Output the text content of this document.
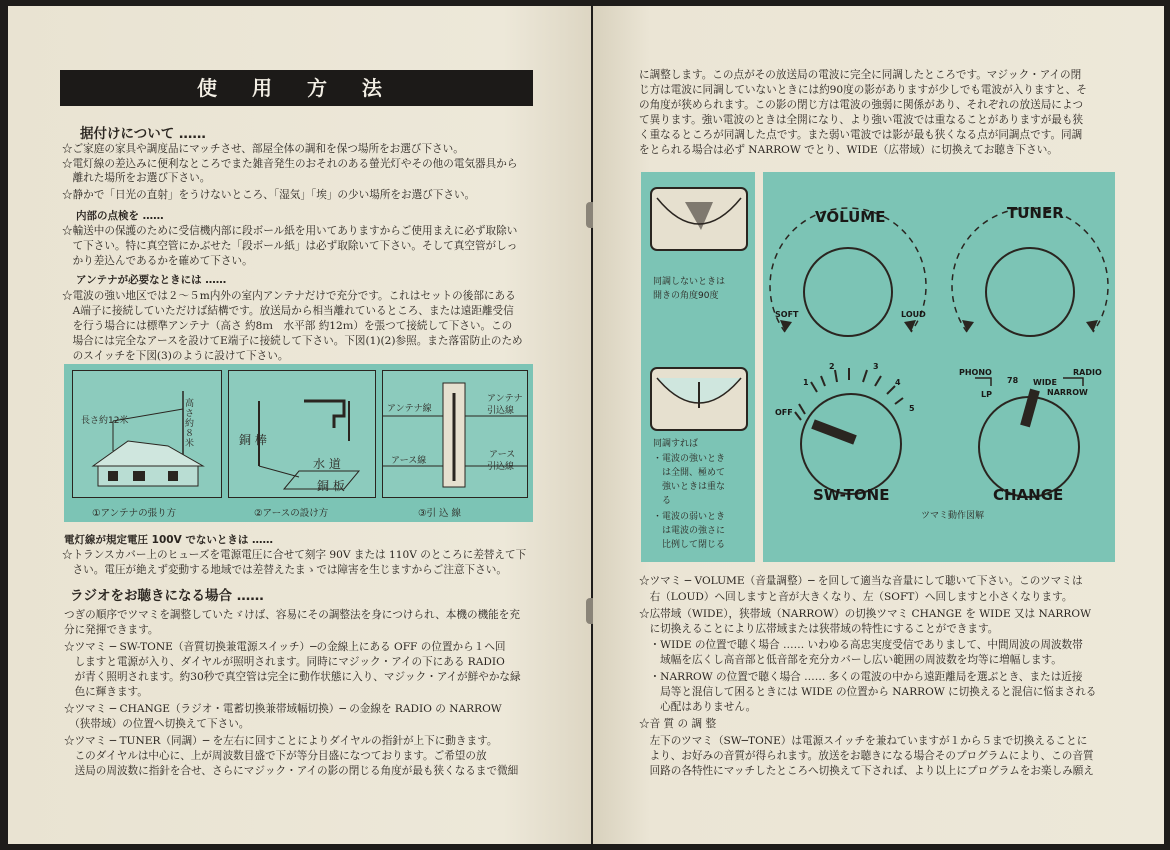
使 用 方 法
据付けについて ……
☆ご家庭の家具や調度品にマッチさせ、部屋全体の調和を保つ場所をお選び下さい。
☆電灯線の差込みに便利なところでまた雑音発生のおそれのある螢光灯やその他の電気器具から
　離れた場所をお選び下さい。
☆静かで「日光の直射」をうけないところ、「湿気」「埃」の少い場所をお選び下さい。
内部の点検を ……
☆輸送中の保護のために受信機内部に段ボール紙を用いてありますからご使用まえに必ず取除い
　て下さい。特に真空管にかぶせた「段ボール紙」は必ず取除いて下さい。そして真空管がしっ
　かり差込んであるかを確めて下さい。
アンテナが必要なときには ……
☆電波の強い地区では２〜５m内外の室内アンテナだけで充分です。これはセットの後部にある
　A端子に接続していただけば結構です。放送局から相当離れているところ、または遠距離受信
　を行う場合には標準アンテナ（高さ 約8ｍ　水平部 約12ｍ）を張つて接続して下さい。この
　場合には完全なアースを設けてE端子に接続して下さい。下図(1)(2)参照。また落雷防止のため
　のスイッチを下図(3)のように設けて下さい。
長さ約12米
高さ約８米
①アンテナの張り方
銅 棒
水 道
銅 板
②アースの設け方
アンテナ線
アンテナ
引込線
アース線
アース
引込線
③引 込 線
電灯線が規定電圧 100V でないときは ……
☆トランスカバー上のヒューズを電源電圧に合せて刻字 90V または 110V のところに差替えて下
　さい。電圧が絶えず変動する地域では差替えたまゝでは障害を生じますからご注意下さい。
ラジオをお聴きになる場合 ……
つぎの順序でツマミを調整していたゞけば、容易にその調整法を身につけられ、本機の機能を充
分に発揮できます。
☆ツマミ ─ SW-TONE（音質切換兼電源スイッチ）─の金線上にある OFF の位置から１へ回
　しますと電源が入り、ダイヤルが照明されます。同時にマジック・アイの下にある RADIO
　が青く照明されます。約30秒で真空管は完全に動作状態に入り、マジック・アイが鮮やかな緑
　色に輝きます。
☆ツマミ ─ CHANGE（ラジオ・電蓄切換兼帯域幅切換）─ の金線を RADIO の NARROW
　（狭帯域）の位置へ切換えて下さい。
☆ツマミ ─ TUNER（同調）─ を左右に回すことによりダイヤルの指針が上下に動きます。
　このダイヤルは中心に、上が周波数目盛で下が等分目盛になつております。ご希望の放
　送局の周波数に指針を合せ、さらにマジック・アイの影の閉じる角度が最も狭くなるまで微細
に調整します。この点がその放送局の電波に完全に同調したところです。マジック・アイの閉
じ方は電波に同調していないときには約90度の影がありますが少しでも電波が入りますと、そ
の角度が狭められます。この影の閉じ方は電波の強弱に関係があり、それぞれの放送局によつ
て異ります。強い電波のときは全開になり、より強い電波では重なることがありますが最も狭
く重なるところが同調した点です。また弱い電波では影が最も狭くなる点が同調点です。同調
をとられる場合は必ず NARROW でとり、WIDE（広帯域）に切換えてお聴き下さい。
同調しないときは
開きの角度90度
同調すれば
・電波の強いとき
　は全開、極めて
　強いときは重な
　る
・電波の弱いとき
　は電波の強さに
　比例して閉じる
VOLUME
SOFT	LOUD
TUNER
OFF
1
2	3
4
5
SW-TONE
PHONO
LP
78
RADIO
WIDE
NARROW
CHANGE
ツマミ動作図解
☆ツマミ ─ VOLUME（音量調整）─ を回して適当な音量にして聴いて下さい。このツマミは
　右（LOUD）へ回しますと音が大きくなり、左（SOFT）へ回しますと小さくなります。
☆広帯域（WIDE），狭帯域（NARROW）の切換ツマミ CHANGE を WIDE 又は NARROW
　に切換えることにより広帯域または狭帯域の特性にすることができます。
　・WIDE の位置で聴く場合 …… いわゆる高忠実度受信でありまして、中間周波の周波数帯
　　域幅を広くし高音部と低音部を充分カバーし広い範囲の周波数を均等に増幅します。
　・NARROW の位置で聴く場合 …… 多くの電波の中から遠距離局を選ぶとき、または近接
　　局等と混信して困るときには WIDE の位置から NARROW に切換えると混信に悩まされる
　　心配はありません。
☆音 質 の 調 整
　左下のツマミ（SW─TONE）は電源スイッチを兼ねていますが１から５まで切換えることに
　より、お好みの音質が得られます。放送をお聴きになる場合そのプログラムにより、この音質
　回路の各特性にマッチしたところへ切換えて下されば、より以上にプログラムをお楽しみ願え
